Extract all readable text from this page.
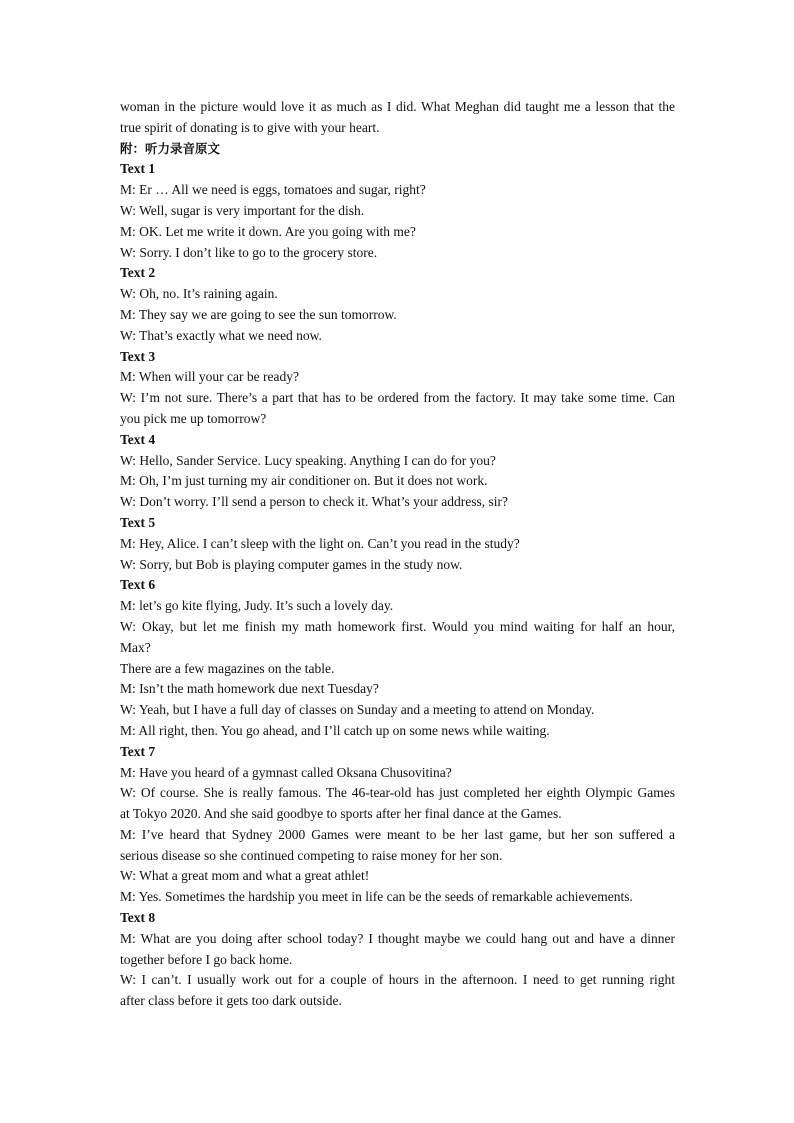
woman in the picture would love it as much as I did. What Meghan did taught me a lesson that the
true spirit of donating is to give with your heart.
附：听力录音原文
Text 1
M: Er … All we need is eggs, tomatoes and sugar, right?
W: Well, sugar is very important for the dish.
M: OK. Let me write it down. Are you going with me?
W: Sorry. I don’t like to go to the grocery store.
Text 2
W: Oh, no. It’s raining again.
M: They say we are going to see the sun tomorrow.
W: That’s exactly what we need now.
Text 3
M: When will your car be ready?
W: I’m not sure. There’s a part that has to be ordered from the factory. It may take some time. Can
you pick me up tomorrow?
Text 4
W: Hello, Sander Service. Lucy speaking. Anything I can do for you?
M: Oh, I’m just turning my air conditioner on. But it does not work.
W: Don’t worry. I’ll send a person to check it. What’s your address, sir?
Text 5
M: Hey, Alice. I can’t sleep with the light on. Can’t you read in the study?
W: Sorry, but Bob is playing computer games in the study now.
Text 6
M: let’s go kite flying, Judy. It’s such a lovely day.
W: Okay, but let me finish my math homework first. Would you mind waiting for half an hour,
Max?
There are a few magazines on the table.
M: Isn’t the math homework due next Tuesday?
W: Yeah, but I have a full day of classes on Sunday and a meeting to attend on Monday.
M: All right, then. You go ahead, and I’ll catch up on some news while waiting.
Text 7
M: Have you heard of a gymnast called Oksana Chusovitina?
W: Of course. She is really famous. The 46-tear-old has just completed her eighth Olympic Games
at Tokyo 2020. And she said goodbye to sports after her final dance at the Games.
M: I’ve heard that Sydney 2000 Games were meant to be her last game, but her son suffered a
serious disease so she continued competing to raise money for her son.
W: What a great mom and what a great athlet!
M: Yes. Sometimes the hardship you meet in life can be the seeds of remarkable achievements.
Text 8
M: What are you doing after school today? I thought maybe we could hang out and have a dinner
together before I go back home.
W: I can’t. I usually work out for a couple of hours in the afternoon. I need to get running right
after class before it gets too dark outside.
